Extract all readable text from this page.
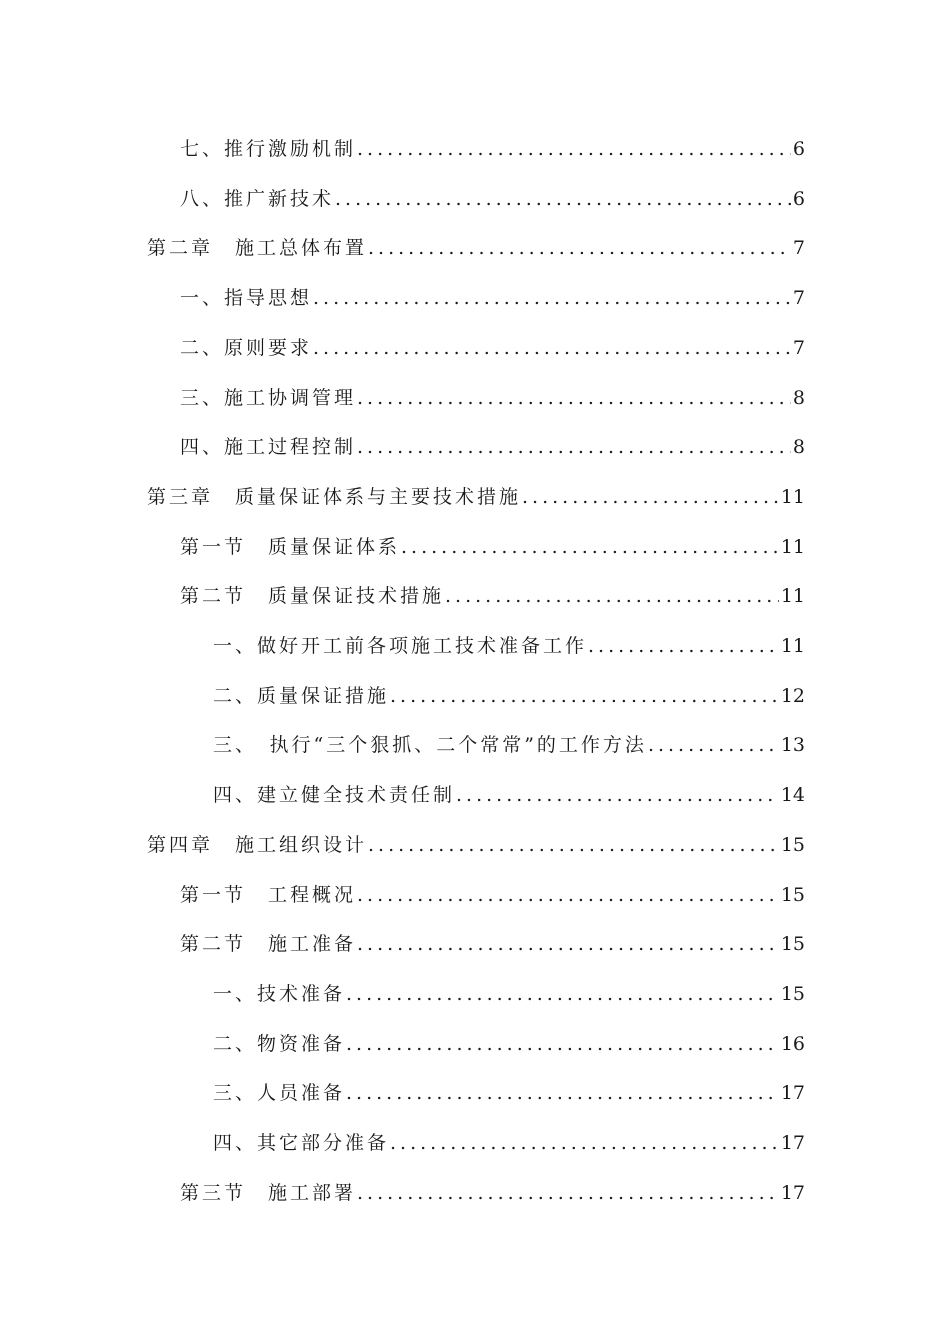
七、推行激励机制 .....	6
八、推广新技术 .....	6
第二章　施工总体布置 .....	7
一、指导思想 .....	7
二、原则要求 .....	7
三、施工协调管理 .....	8
四、施工过程控制 .....	8
第三章　质量保证体系与主要技术措施 .....	11
第一节　质量保证体系 .....	11
第二节　质量保证技术措施 .....	11
一、做好开工前各项施工技术准备工作 .....	11
二、质量保证措施 .....	12
三、　执行“三个狠抓、二个常常”的工作方法 .....	13
四、建立健全技术责任制 .....	14
第四章　施工组织设计 .....	15
第一节　工程概况 .....	15
第二节　施工准备 .....	15
一、技术准备 .....	15
二、物资准备 .....	16
三、人员准备 .....	17
四、其它部分准备 .....	17
第三节　施工部署 .....	17
